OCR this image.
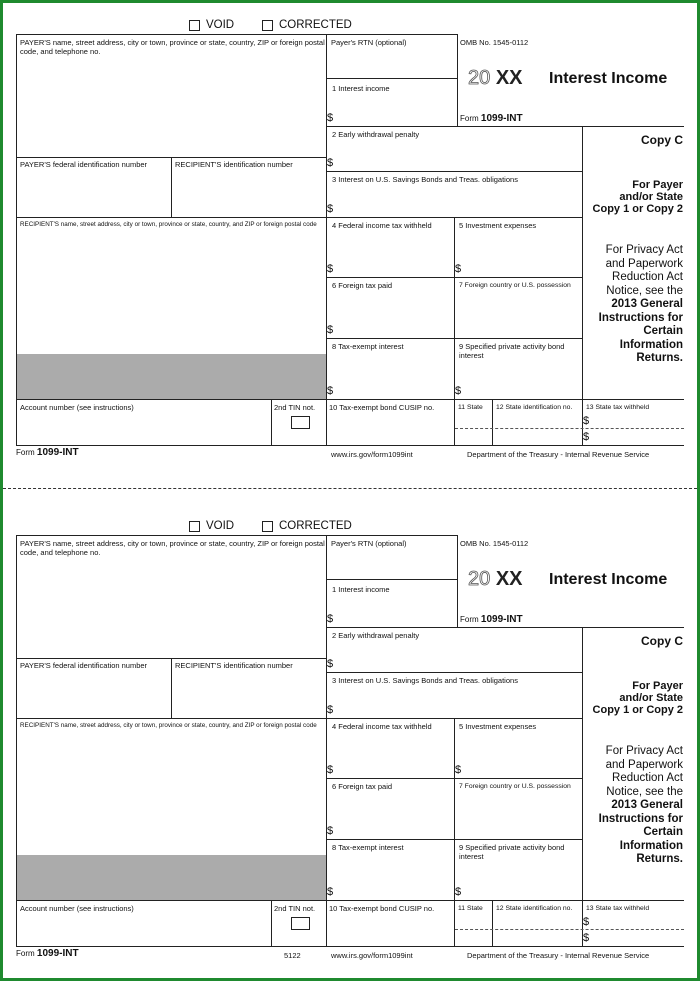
VOID	CORRECTED
PAYER'S name, street address, city or town, province or state, country, ZIP or foreign postal code, and telephone no.
Payer's RTN (optional)	OMB No. 1545-0112
20 XX
Form 1099-INT
Interest Income
1 Interest income
$
2 Early withdrawal penalty
$
3 Interest on U.S. Savings Bonds and Treas. obligations
$
4 Federal income tax withheld
$
5 Investment expenses
$
6 Foreign tax paid
$
7 Foreign country or U.S. possession
8 Tax-exempt interest
$
9 Specified private activity bond interest
$
PAYER'S federal identification number	RECIPIENT'S identification number
RECIPIENT'S name, street address, city or town, province or state, country, and ZIP or foreign postal code
Account number (see instructions)	2nd TIN not. 10 Tax-exempt bond CUSIP no.	11 State 12 State identification no. 13 State tax withheld
$
$
Copy C
For Payer
and/or State
Copy 1 or Copy 2
For Privacy Act
and Paperwork
Reduction Act
Notice, see the
2013 General
Instructions for
Certain
Information
Returns.
Form 1099-INT	www.irs.gov/form1099int	Department of the Treasury - Internal Revenue Service
VOID	CORRECTED
PAYER'S name, street address, city or town, province or state, country, ZIP or foreign postal code, and telephone no.
Payer's RTN (optional)	OMB No. 1545-0112
20 XX
Form 1099-INT
Interest Income
1 Interest income
$
2 Early withdrawal penalty
$
3 Interest on U.S. Savings Bonds and Treas. obligations
$
4 Federal income tax withheld
$
5 Investment expenses
$
6 Foreign tax paid
$
7 Foreign country or U.S. possession
8 Tax-exempt interest
$
9 Specified private activity bond interest
$
PAYER'S federal identification number	RECIPIENT'S identification number
RECIPIENT'S name, street address, city or town, province or state, country, and ZIP or foreign postal code
Account number (see instructions)	2nd TIN not. 10 Tax-exempt bond CUSIP no.	11 State 12 State identification no. 13 State tax withheld
$
$
Copy C
For Payer
and/or State
Copy 1 or Copy 2
For Privacy Act
and Paperwork
Reduction Act
Notice, see the
2013 General
Instructions for
Certain
Information
Returns.
Form 1099-INT	5122	www.irs.gov/form1099int	Department of the Treasury - Internal Revenue Service
